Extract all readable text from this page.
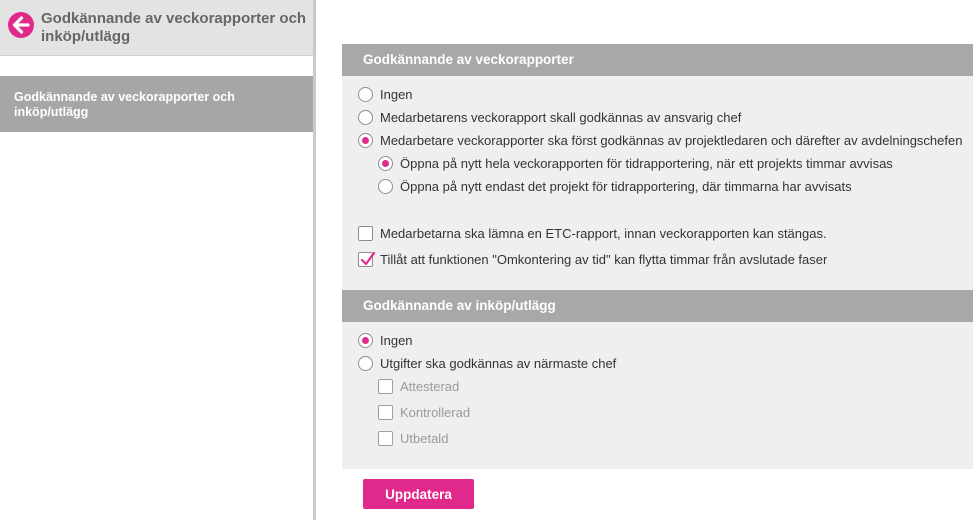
Godkännande av veckorapporter och inköp/utlägg
Godkännande av veckorapporter och inköp/utlägg
Godkännande av veckorapporter
Ingen
Medarbetarens veckorapport skall godkännas av ansvarig chef
Medarbetare veckorapporter ska först godkännas av projektledaren och därefter av avdelningschefen
Öppna på nytt hela veckorapporten för tidrapportering, när ett projekts timmar avvisas
Öppna på nytt endast det projekt för tidrapportering, där timmarna har avvisats
Medarbetarna ska lämna en ETC-rapport, innan veckorapporten kan stängas.
Tillåt att funktionen "Omkontering av tid" kan flytta timmar från avslutade faser
Godkännande av inköp/utlägg
Ingen
Utgifter ska godkännas av närmaste chef
Attesterad
Kontrollerad
Utbetald
Uppdatera
